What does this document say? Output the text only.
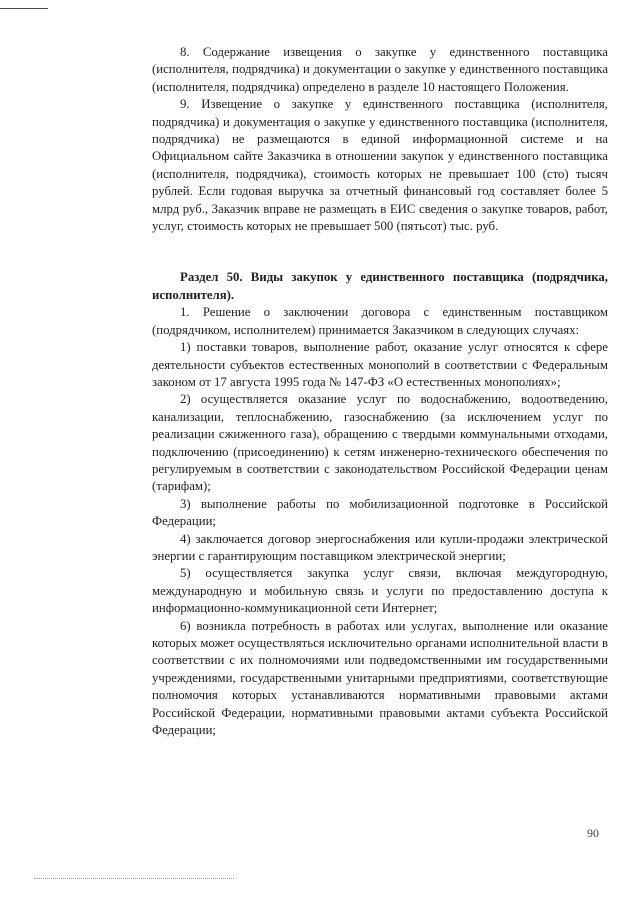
8. Содержание извещения о закупке у единственного поставщика (исполнителя, подрядчика) и документации о закупке у единственного поставщика (исполнителя, подрядчика) определено в разделе 10 настоящего Положения.

9. Извещение о закупке у единственного поставщика (исполнителя, подрядчика) и документация о закупке у единственного поставщика (исполнителя, подрядчика) не размещаются в единой информационной системе и на Официальном сайте Заказчика в отношении закупок у единственного поставщика (исполнителя, подрядчика), стоимость которых не превышает 100 (сто) тысяч рублей. Если годовая выручка за отчетный финансовый год составляет более 5 млрд руб., Заказчик вправе не размещать в ЕИС сведения о закупке товаров, работ, услуг, стоимость которых не превышает 500 (пятьсот) тыс. руб.

Раздел 50. Виды закупок у единственного поставщика (подрядчика, исполнителя).

1. Решение о заключении договора с единственным поставщиком (подрядчиком, исполнителем) принимается Заказчиком в следующих случаях:

1) поставки товаров, выполнение работ, оказание услуг относятся к сфере деятельности субъектов естественных монополий в соответствии с Федеральным законом от 17 августа 1995 года № 147-ФЗ «О естественных монополиях»;

2) осуществляется оказание услуг по водоснабжению, водоотведению, канализации, теплоснабжению, газоснабжению (за исключением услуг по реализации сжиженного газа), обращению с твердыми коммунальными отходами, подключению (присоединению) к сетям инженерно-технического обеспечения по регулируемым в соответствии с законодательством Российской Федерации ценам (тарифам);

3) выполнение работы по мобилизационной подготовке в Российской Федерации;

4) заключается договор энергоснабжения или купли-продажи электрической энергии с гарантирующим поставщиком электрической энергии;

5) осуществляется закупка услуг связи, включая междугородную, международную и мобильную связь и услуги по предоставлению доступа к информационно-коммуникационной сети Интернет;

6) возникла потребность в работах или услугах, выполнение или оказание которых может осуществляться исключительно органами исполнительной власти в соответствии с их полномочиями или подведомственными им государственными учреждениями, государственными унитарными предприятиями, соответствующие полномочия которых устанавливаются нормативными правовыми актами Российской Федерации, нормативными правовыми актами субъекта Российской Федерации;

90
